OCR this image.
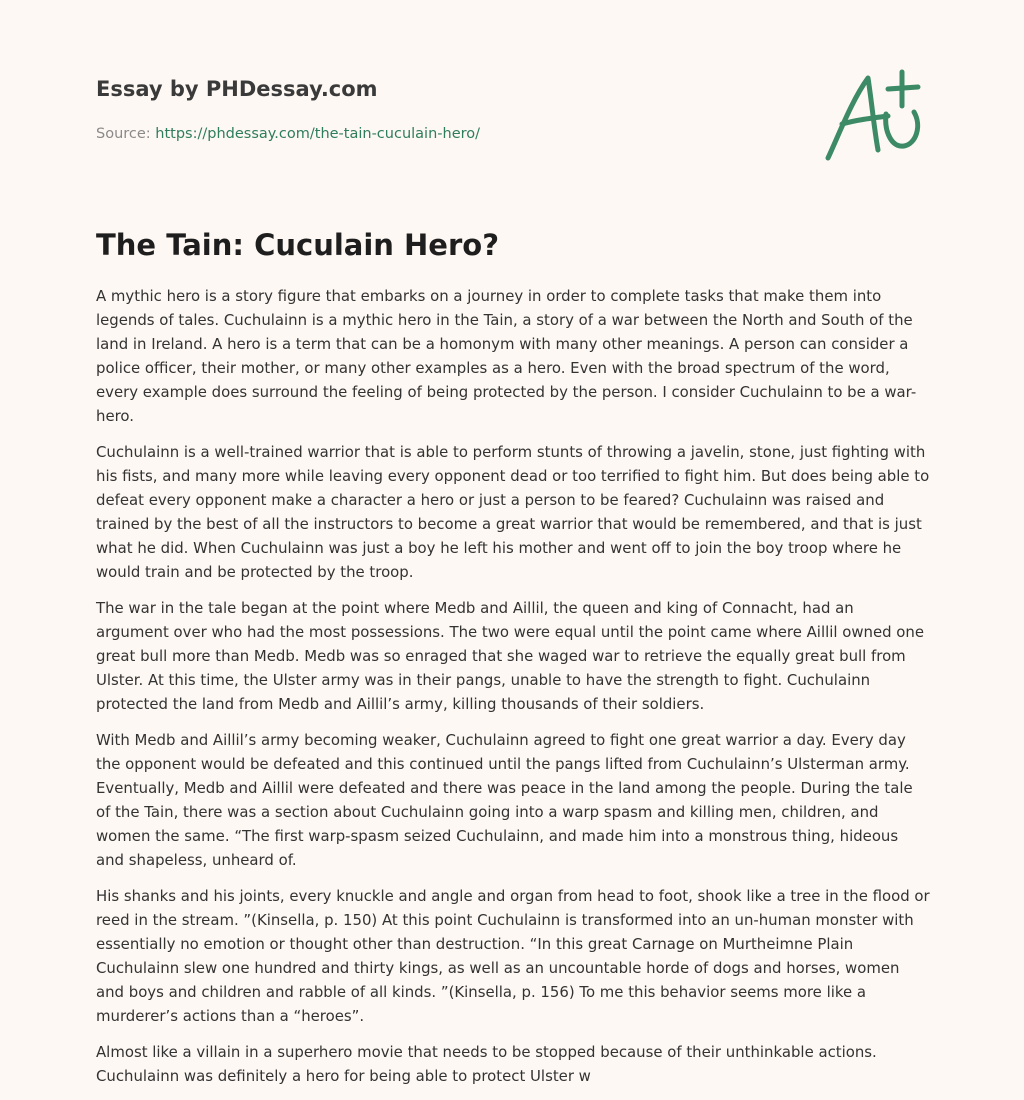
Essay by PHDessay.com

Source: https://phdessay.com/the-tain-cuculain-hero/
The Tain: Cuculain Hero?

A mythic hero is a story figure that embarks on a journey in order to complete tasks that make them into legends of tales. Cuchulainn is a mythic hero in the Tain, a story of a war between the North and South of the land in Ireland. A hero is a term that can be a homonym with many other meanings. A person can consider a police officer, their mother, or many other examples as a hero. Even with the broad spectrum of the word, every example does surround the feeling of being protected by the person. I consider Cuchulainn to be a war-hero.

Cuchulainn is a well-trained warrior that is able to perform stunts of throwing a javelin, stone, just fighting with his fists, and many more while leaving every opponent dead or too terrified to fight him. But does being able to defeat every opponent make a character a hero or just a person to be feared? Cuchulainn was raised and trained by the best of all the instructors to become a great warrior that would be remembered, and that is just what he did. When Cuchulainn was just a boy he left his mother and went off to join the boy troop where he would train and be protected by the troop.

The war in the tale began at the point where Medb and Aillil, the queen and king of Connacht, had an argument over who had the most possessions. The two were equal until the point came where Aillil owned one great bull more than Medb. Medb was so enraged that she waged war to retrieve the equally great bull from Ulster. At this time, the Ulster army was in their pangs, unable to have the strength to fight. Cuchulainn protected the land from Medb and Aillil’s army, killing thousands of their soldiers.

With Medb and Aillil’s army becoming weaker, Cuchulainn agreed to fight one great warrior a day. Every day the opponent would be defeated and this continued until the pangs lifted from Cuchulainn’s Ulsterman army. Eventually, Medb and Aillil were defeated and there was peace in the land among the people. During the tale of the Tain, there was a section about Cuchulainn going into a warp spasm and killing men, children, and women the same. “The first warp-spasm seized Cuchulainn, and made him into a monstrous thing, hideous and shapeless, unheard of.

His shanks and his joints, every knuckle and angle and organ from head to foot, shook like a tree in the flood or reed in the stream. ”(Kinsella, p. 150) At this point Cuchulainn is transformed into an un-human monster with essentially no emotion or thought other than destruction. “In this great Carnage on Murtheimne Plain Cuchulainn slew one hundred and thirty kings, as well as an uncountable horde of dogs and horses, women and boys and children and rabble of all kinds. ”(Kinsella, p. 156) To me this behavior seems more like a murderer’s actions than a “heroes”.

Almost like a villain in a superhero movie that needs to be stopped because of their unthinkable actions. Cuchulainn was definitely a hero for being able to protect Ulster w
